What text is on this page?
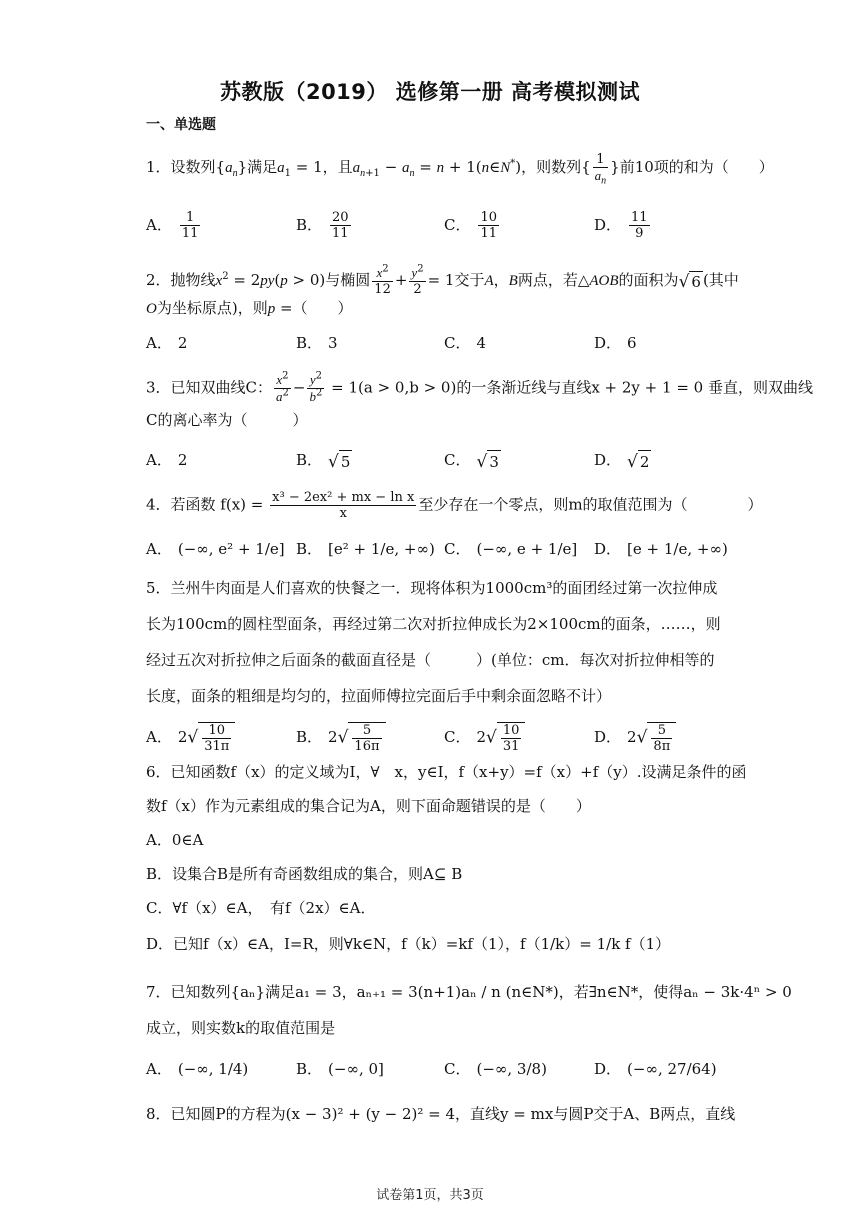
苏教版（2019） 选修第一册 高考模拟测试
一、单选题
1．设数列$\{a_n\}$满足$a_1 = 1$，且$a_{n+1} - a_n = n$ + 1(n∈N*)，则数列{ $\frac{1}{a_n}$ }前10项的和为（　　）
A． $\frac{1}{11}$	B． $\frac{20}{11}$	C． $\frac{10}{11}$	D． $\frac{11}{9}$
2．抛物线$x^2 = 2py(p > 0)$与椭圆 $\frac{x^2}{12} + \frac{y^2}{2} = 1$交于A，B两点，若△AOB的面积为√ 6 (其中
O为坐标原点)，则p =（　　）
A． 2	B． 3	C． 4	D． 6
3．已知双曲线C： $\frac{x^2}{a^2} - \frac{y^2}{b^2} = 1(a > 0,b > 0)$的一条渐近线与直线x + 2y + 1 = 0 垂直，则双曲线
C的离心率为（　　　）
A． 2	B． √ 5	C． √ 3	D． √ 2
4．若函数 $f(x) = \frac{\text{x³ − 2ex² + mx − ln x}}{x}$ 至少存在一个零点，则m的取值范围为（　　　　）
A． (−∞, e² + 1/e] B． [e² + 1/e, +∞) C． (−∞, e + 1/e] D． [e + 1/e, +∞)
5．兰州牛肉面是人们喜欢的快餐之一．现将体积为1000cm³的面团经过第一次拉伸成
长为100cm的圆柱型面条，再经过第二次对折拉伸成长为2×100cm的面条，……，则
经过五次对折拉伸之后面条的截面直径是（　　　）(单位：cm．每次对折拉伸相等的
长度，面条的粗细是均匀的，拉面师傅拉完面后手中剩余面忽略不计）
A． $2√ \frac{10}{31\pi}$	B． $2√ \frac{5}{16\pi}$	C． $2√ \frac{10}{31}$	D． $2√ \frac{5}{8\pi}$
6．已知函数f（x）的定义域为I，∀　x，y∈I，f（x+y）=f（x）+f（y）.设满足条件的函
数f（x）作为元素组成的集合记为A，则下面命题错误的是（　　）
A．0∈A
B．设集合B是所有奇函数组成的集合，则A⊆ B
C．∀f（x）∈A，　有f（2x）∈A．
D．已知f（x）∈A，I=R，则∀k∈N，f（k）=kf（1），f（1/k）= 1/k f（1）
7．已知数列{aₙ}满足a₁ = 3，aₙ₊₁ = 3(n+1)aₙ / n (n∈N*)，若∃n∈N*，使得aₙ − 3k·4ⁿ > 0
成立，则实数k的取值范围是
A． (−∞, 1/4)	B． (−∞, 0]	C． (−∞, 3/8)	D． (−∞, 27/64)
8．已知圆P的方程为(x − 3)² + (y − 2)² = 4，直线y = mx与圆P交于A、B两点，直线
试卷第1页，共3页
